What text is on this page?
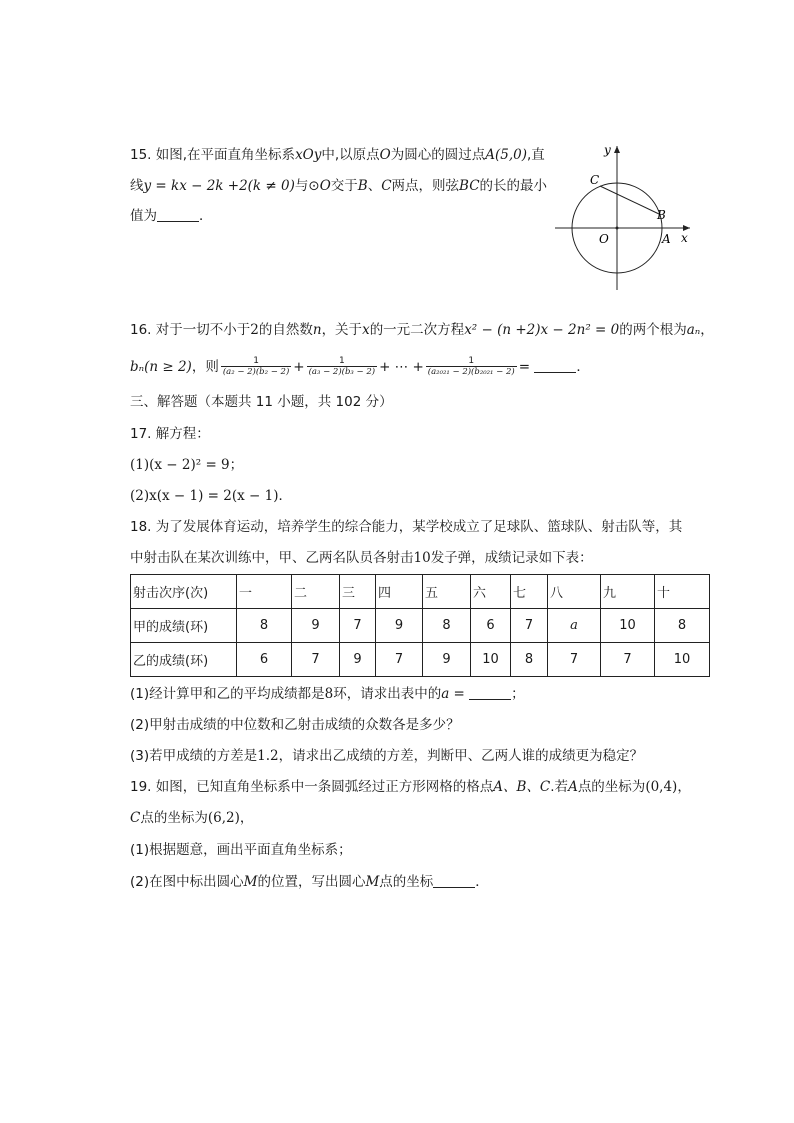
15. 如图,在平面直角坐标系xOy中,以原点O为圆心的圆过点A(5,0),直
线y = kx − 2k +2(k ≠ 0)与⊙O交于B、C两点，则弦BC的长的最小
值为	．
y
x
O	A
B
C
16. 对于一切不小于2的自然数n，关于x的一元二次方程x² − (n +2)x − 2n² = 0的两个根为aₙ，
bₙ(n ≥ 2)，则 $\frac{1}{\text{(a₂ − 2)(b₂ − 2)}} + \frac{1}{\text{(a₃ − 2)(b₃ − 2)}}$ + ⋯ + $\frac{1}{\text{(a₂₀₂₁ − 2)(b₂₀₂₁ − 2)}}$ =	．
三、解答题（本题共 11 小题，共 102 分）
17. 解方程：
(1)(x − 2)² = 9；
(2)x(x − 1) = 2(x − 1)．
18. 为了发展体育运动，培养学生的综合能力，某学校成立了足球队、篮球队、射击队等，其
中射击队在某次训练中，甲、乙两名队员各射击10发子弹，成绩记录如下表：
射击次序(次)	一	二	三	四	五	六	七	八	九	十
甲的成绩(环)	8	9	7	9	8	6	7	a	10	8
乙的成绩(环)	6	7	9	7	9	10	8	7	7	10
(1)经计算甲和乙的平均成绩都是8环，请求出表中的a =	；
(2)甲射击成绩的中位数和乙射击成绩的众数各是多少？
(3)若甲成绩的方差是1.2，请求出乙成绩的方差，判断甲、乙两人谁的成绩更为稳定？
19. 如图，已知直角坐标系中一条圆弧经过正方形网格的格点A、B、C.若A点的坐标为(0,4)，
C点的坐标为(6,2)，
(1)根据题意，画出平面直角坐标系；
(2)在图中标出圆心M的位置，写出圆心M点的坐标	．
